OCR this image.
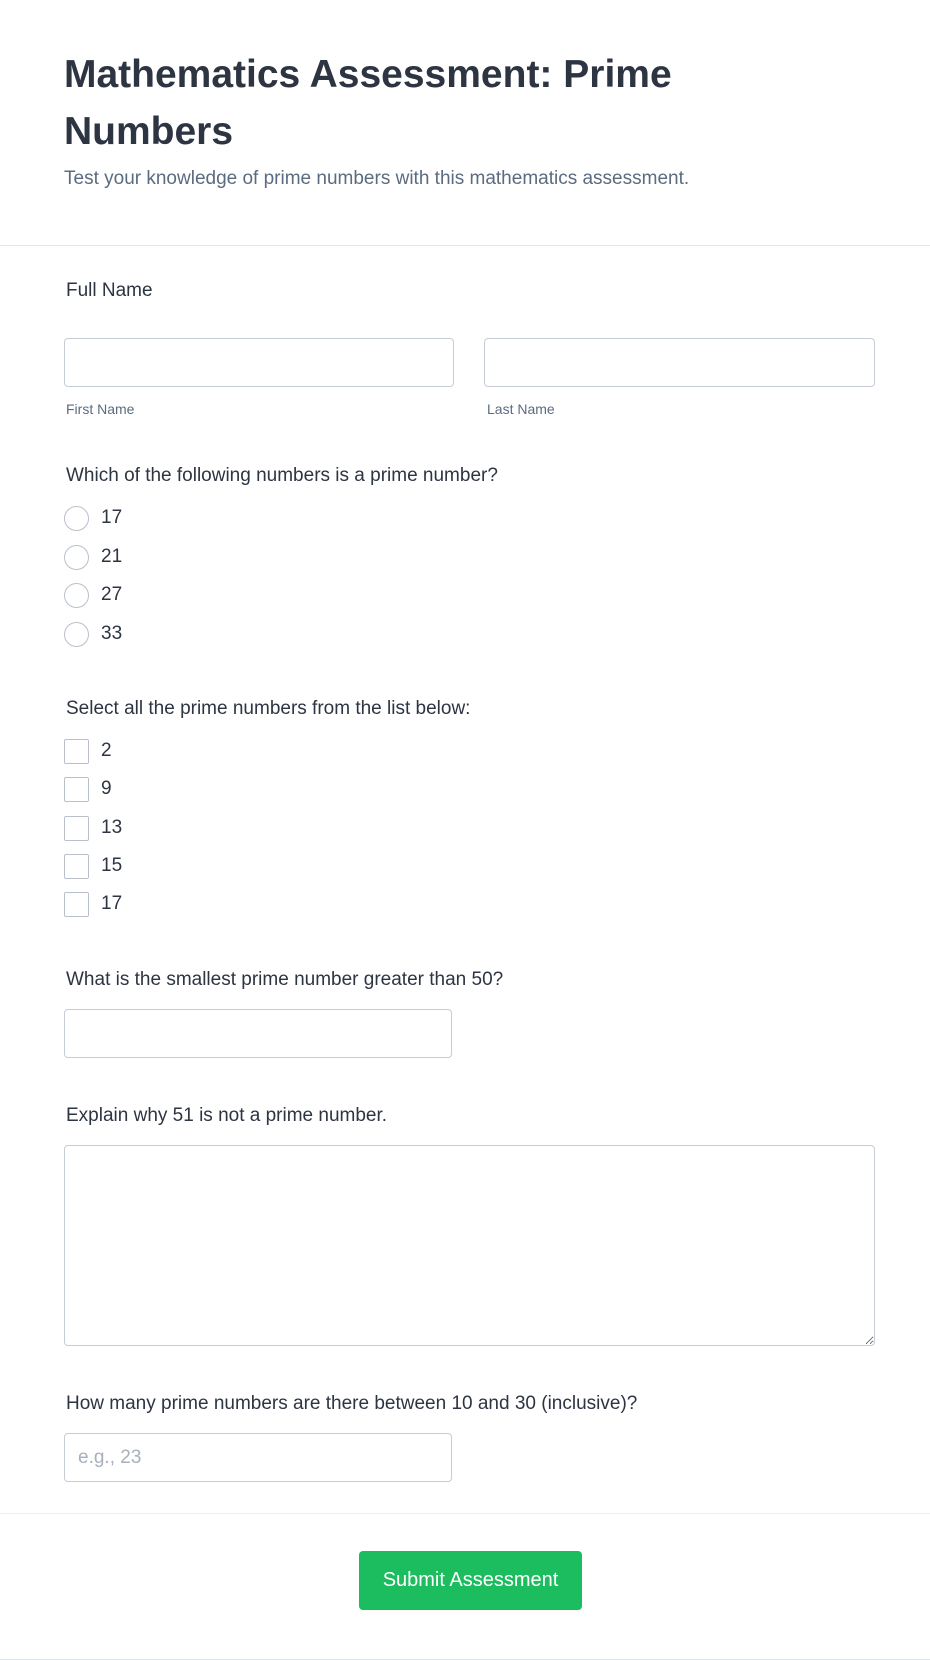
Mathematics Assessment: Prime Numbers

Test your knowledge of prime numbers with this mathematics assessment.

Full Name
First Name	Last Name
Which of the following numbers is a prime number?
17
21
27
33
Select all the prime numbers from the list below:
2
9
13
15
17
What is the smallest prime number greater than 50?
Explain why 51 is not a prime number.
How many prime numbers are there between 10 and 30 (inclusive)?
e.g., 23
Submit Assessment
